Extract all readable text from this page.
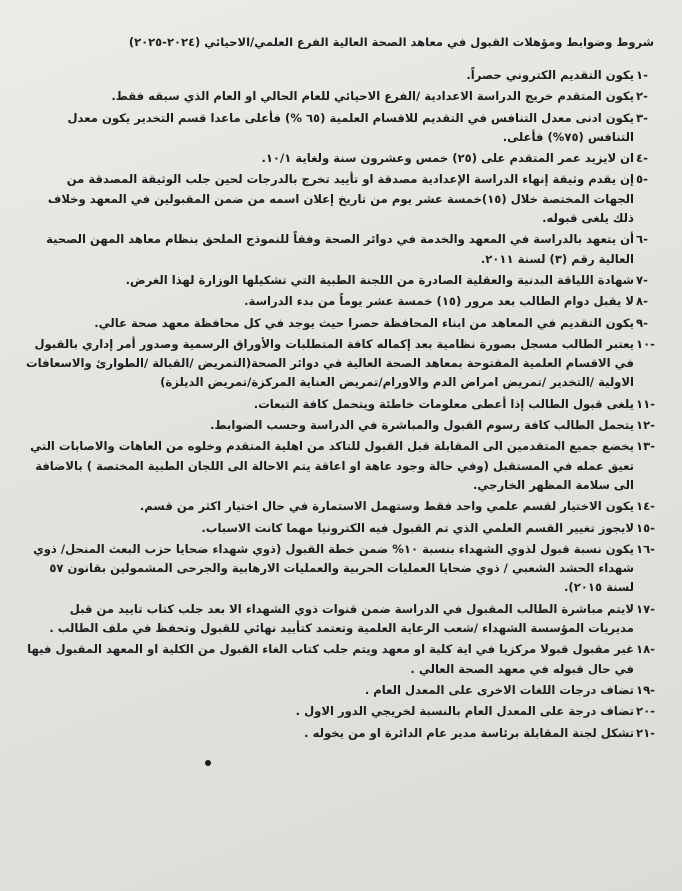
شروط وضوابط ومؤهلات القبول في معاهد الصحة العالية الفرع العلمي/الاحيائي (٢٠٢٤-٢٠٢٥)
١-
يكون التقديم الكتروني حصراً.
٢-
يكون المتقدم خريج الدراسة الاعدادية /الفرع الاحيائي للعام الحالي او العام الذي سبقه فقط.
٣-
يكون ادنى معدل التنافس في التقديم للاقسام العلمية (٦٥ %) فأعلى ماعدا قسم التخدير يكون معدل التنافس (٧٥%) فأعلى.
٤-
ان لايزيد عمر المتقدم على (٢٥) خمس وعشرون سنة ولغاية ١٠/١.
٥-
إن يقدم وثيقة إنهاء الدراسة الإعدادية مصدقة او تأييد تخرج بالدرجات لحين جلب الوثيقة المصدقة من الجهات المختصة خلال (١٥)خمسة عشر يوم من تاريخ إعلان اسمه من ضمن المقبولين في المعهد وخلاف ذلك يلغى قبوله.
٦-
أن يتعهد بالدراسة في المعهد والخدمة في دوائر الصحة وفقاً للنموذج الملحق بنظام معاهد المهن الصحية العالية رقم (٣) لسنة ٢٠١١.
٧-
شهادة اللياقة البدنية والعقلية الصادرة من اللجنة الطبية التي تشكيلها الوزارة لهذا الغرض.
٨-
لا يقبل دوام الطالب بعد مرور (١٥) خمسة عشر يوماً من بدء الدراسة.
٩-
يكون التقديم في المعاهد من ابناء المحافظة حصرا حيث يوجد في كل محافظة معهد صحة عالي.
١٠-
يعتبر الطالب مسجل بصورة نظامية بعد إكماله كافة المتطلبات والأوراق الرسمية وصدور أمر إداري بالقبول في الاقسام العلمية المفتوحة بمعاهد الصحة العالية في دوائر الصحة(التمريض /القبالة /الطوارئ والاسعافات الاولية /التخدير /تمريض امراض الدم والاورام/تمريض العناية المركزة/تمريض الديلزة)
١١-
يلغى قبول الطالب إذا أعطى معلومات خاطئة ويتحمل كافة التبعات.
١٢-
يتحمل الطالب كافة رسوم القبول والمباشرة في الدراسة وحسب الضوابط.
١٣-
يخضع جميع المتقدمين الى المقابلة قبل القبول للتاكد من اهلية المتقدم وخلوه من العاهات والاصابات التي تعيق عمله في المستقبل (وفي حالة وجود عاهة او اعاقة يتم الاحالة الى اللجان الطبية المختصة ) بالاضافة الى سلامة المظهر الخارجي.
١٤-
يكون الاختيار لقسم علمي واحد فقط وستهمل الاستمارة في حال اختيار اكثر من قسم.
١٥-
لايجوز تغيير القسم العلمي الذي تم القبول فيه الكترونيا مهما كانت الاسباب.
١٦-
يكون نسبة قبول لذوي الشهداء بنسبة ١٠% ضمن خطة القبول (ذوي شهداء ضحايا حزب البعث المنحل/ ذوي شهداء الحشد الشعبي / ذوي ضحايا العمليات الحربية والعمليات الارهابية والجرحى المشمولين بقانون ٥٧ لسنة ٢٠١٥).
١٧-
لايتم مباشرة الطالب المقبول في الدراسة ضمن قنوات ذوي الشهداء الا بعد جلب كتاب تاييد من قبل مديريات المؤسسة الشهداء /شعب الرعاية العلمية وتعتمد كتأييد نهائي للقبول وتحفظ في ملف الطالب .
١٨-
غير مقبول قبولا مركزيا في اية كلية او معهد ويتم جلب كتاب الغاء القبول من الكلية او المعهد المقبول فيها في حال قبوله في معهد الصحة العالي .
١٩-
تضاف درجات اللغات الاخرى على المعدل العام .
٢٠-
تضاف درجة على المعدل العام بالنسبة لخريجي الدور الاول .
٢١-
تشكل لجنة المقابلة برئاسة مدير عام الدائرة او من يخوله .
